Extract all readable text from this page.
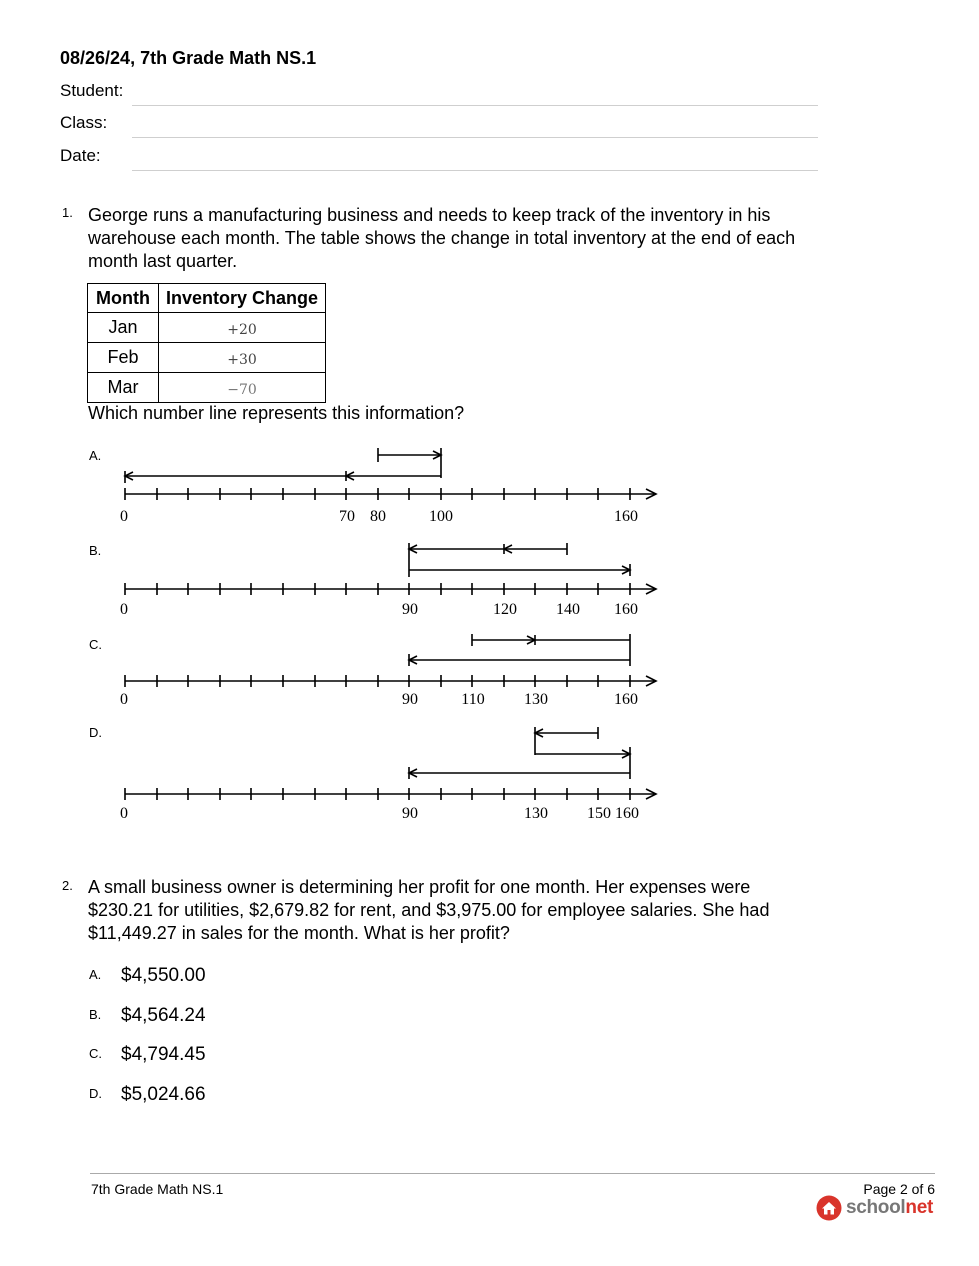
08/26/24, 7th Grade Math NS.1
Student:
Class:
Date:
1. George runs a manufacturing business and needs to keep track of the inventory in his warehouse each month. The table shows the change in total inventory at the end of each month last quarter.
Month	Inventory Change
Jan	+20
Feb	+30
Mar	−70
Which number line represents this information?
A.
B.
C.
D.
0	70 80	100	160
0	90	120 140 160
0	90	110 130	160
0	90	130 150 160
2. A small business owner is determining her profit for one month. Her expenses were
$230.21 for utilities, $2,679.82 for rent, and $3,975.00 for employee salaries. She had
$11,449.27 in sales for the month. What is her profit?
A. $4,550.00
B. $4,564.24
C. $4,794.45
D. $5,024.66
7th Grade Math NS.1	Page 2 of 6
schoolnet
